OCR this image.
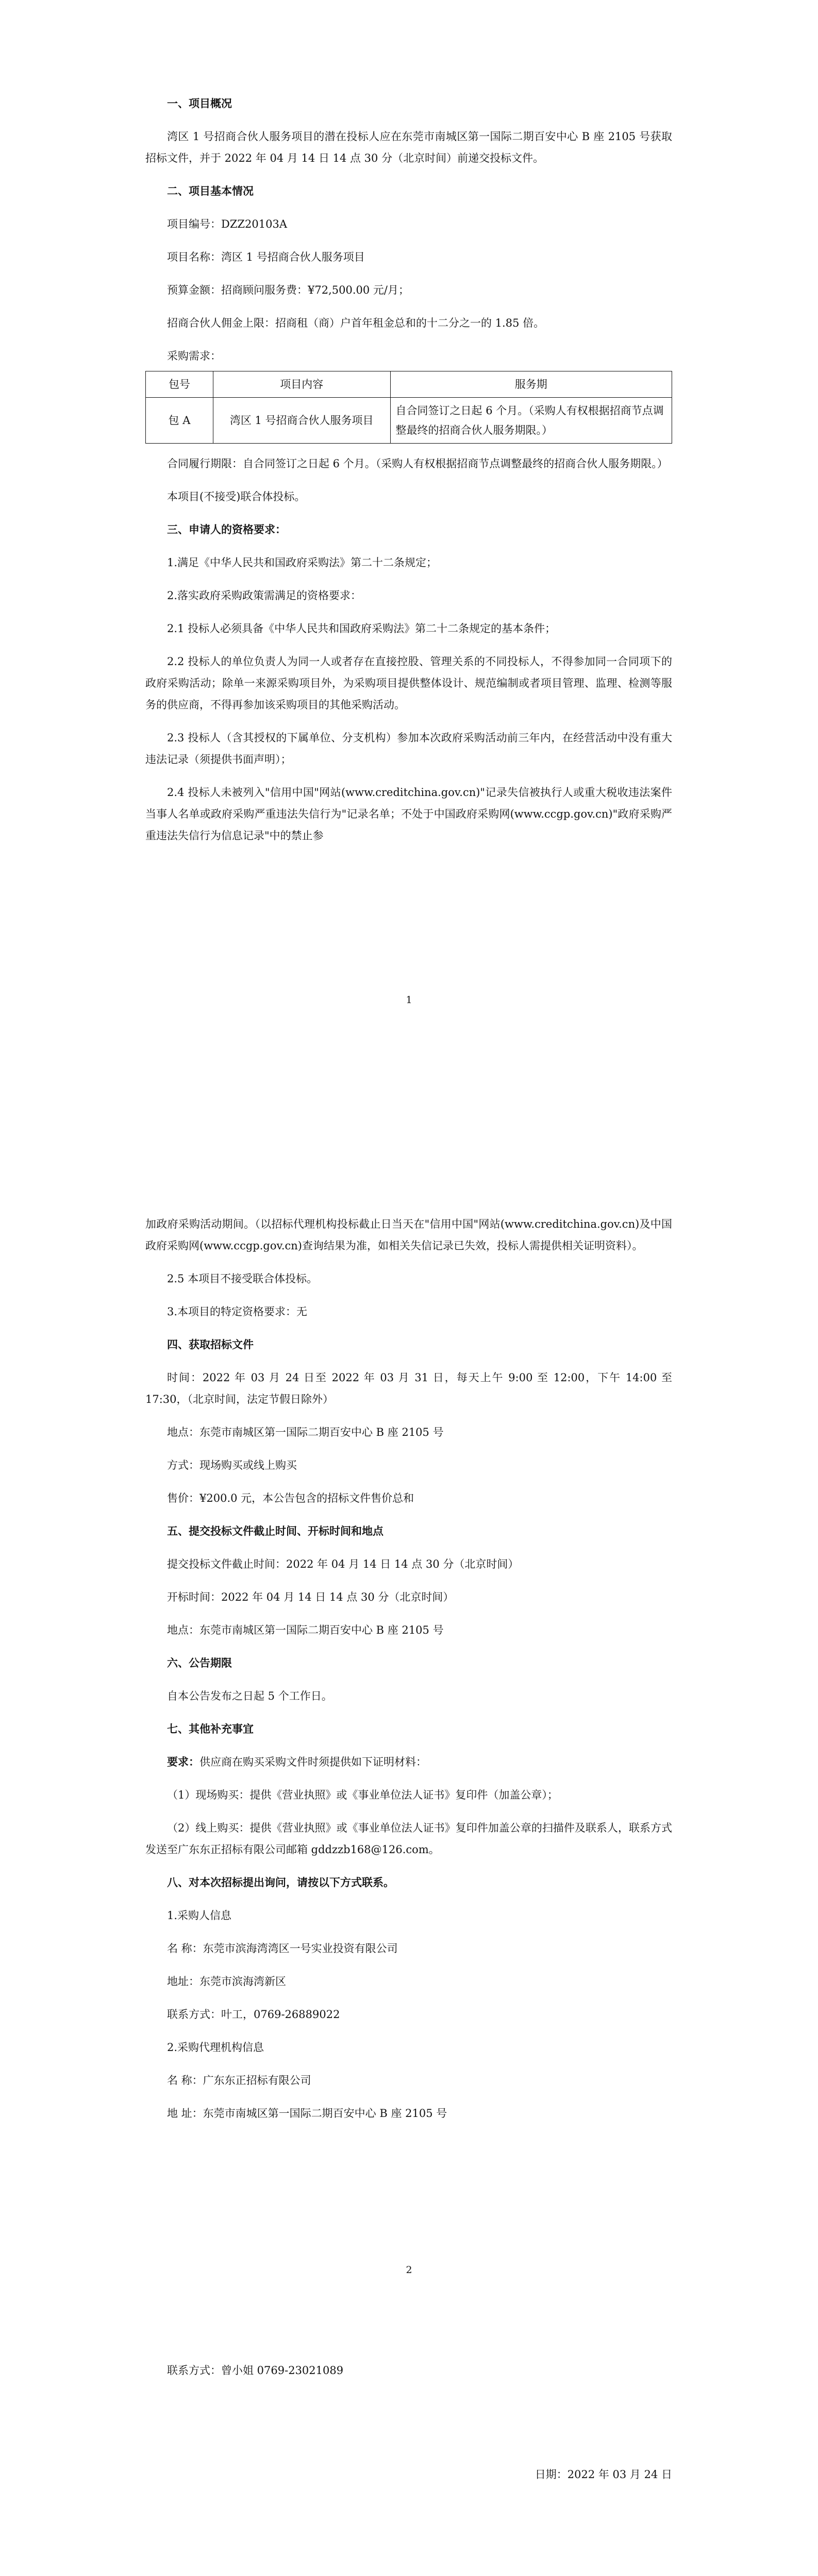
一、项目概况

湾区 1 号招商合伙人服务项目的潜在投标人应在东莞市南城区第一国际二期百安中心 B 座 2105 号获取招标文件，并于 2022 年 04 月 14 日 14 点 30 分（北京时间）前递交投标文件。

二、项目基本情况

项目编号：DZZ20103A

项目名称：湾区 1 号招商合伙人服务项目

预算金额：招商顾问服务费：¥72,500.00 元/月；

招商合伙人佣金上限：招商租（商）户首年租金总和的十二分之一的 1.85 倍。

采购需求：

包号	项目内容	服务期
包 A	湾区 1 号招商合伙人服务项目	自合同签订之日起 6 个月。（采购人有权根据招商节点调整最终的招商合伙人服务期限。）

合同履行期限：自合同签订之日起 6 个月。（采购人有权根据招商节点调整最终的招商合伙人服务期限。）

本项目(不接受)联合体投标。

三、申请人的资格要求：

1.满足《中华人民共和国政府采购法》第二十二条规定；

2.落实政府采购政策需满足的资格要求：

2.1 投标人必须具备《中华人民共和国政府采购法》第二十二条规定的基本条件；

2.2 投标人的单位负责人为同一人或者存在直接控股、管理关系的不同投标人，不得参加同一合同项下的政府采购活动；除单一来源采购项目外，为采购项目提供整体设计、规范编制或者项目管理、监理、检测等服务的供应商，不得再参加该采购项目的其他采购活动。

2.3 投标人（含其授权的下属单位、分支机构）参加本次政府采购活动前三年内，在经营活动中没有重大违法记录（须提供书面声明）；

2.4 投标人未被列入"信用中国"网站(www.creditchina.gov.cn)"记录失信被执行人或重大税收违法案件当事人名单或政府采购严重违法失信行为"记录名单；不处于中国政府采购网(www.ccgp.gov.cn)"政府采购严重违法失信行为信息记录"中的禁止参

1

加政府采购活动期间。（以招标代理机构投标截止日当天在"信用中国"网站(www.creditchina.gov.cn)及中国政府采购网(www.ccgp.gov.cn)查询结果为准，如相关失信记录已失效，投标人需提供相关证明资料）。

2.5 本项目不接受联合体投标。

3.本项目的特定资格要求：无

四、获取招标文件

时间：2022 年 03 月 24 日至 2022 年 03 月 31 日，每天上午 9:00 至 12:00，下午 14:00 至 17:30，（北京时间，法定节假日除外）

地点：东莞市南城区第一国际二期百安中心 B 座 2105 号

方式：现场购买或线上购买

售价：¥200.0 元，本公告包含的招标文件售价总和

五、提交投标文件截止时间、开标时间和地点

提交投标文件截止时间：2022 年 04 月 14 日 14 点 30 分（北京时间）

开标时间：2022 年 04 月 14 日 14 点 30 分（北京时间）

地点：东莞市南城区第一国际二期百安中心 B 座 2105 号

六、公告期限

自本公告发布之日起 5 个工作日。

七、其他补充事宜

要求：供应商在购买采购文件时须提供如下证明材料：

（1）现场购买：提供《营业执照》或《事业单位法人证书》复印件（加盖公章）；

（2）线上购买：提供《营业执照》或《事业单位法人证书》复印件加盖公章的扫描件及联系人，联系方式发送至广东东正招标有限公司邮箱 gddzzb168@126.com。

八、对本次招标提出询问，请按以下方式联系。

1.采购人信息

名 称：东莞市滨海湾湾区一号实业投资有限公司

地址：东莞市滨海湾新区

联系方式：叶工，0769-26889022

2.采购代理机构信息

名 称：广东东正招标有限公司

地 址：东莞市南城区第一国际二期百安中心 B 座 2105 号

2

联系方式：曾小姐 0769-23021089

日期：2022 年 03 月 24 日
